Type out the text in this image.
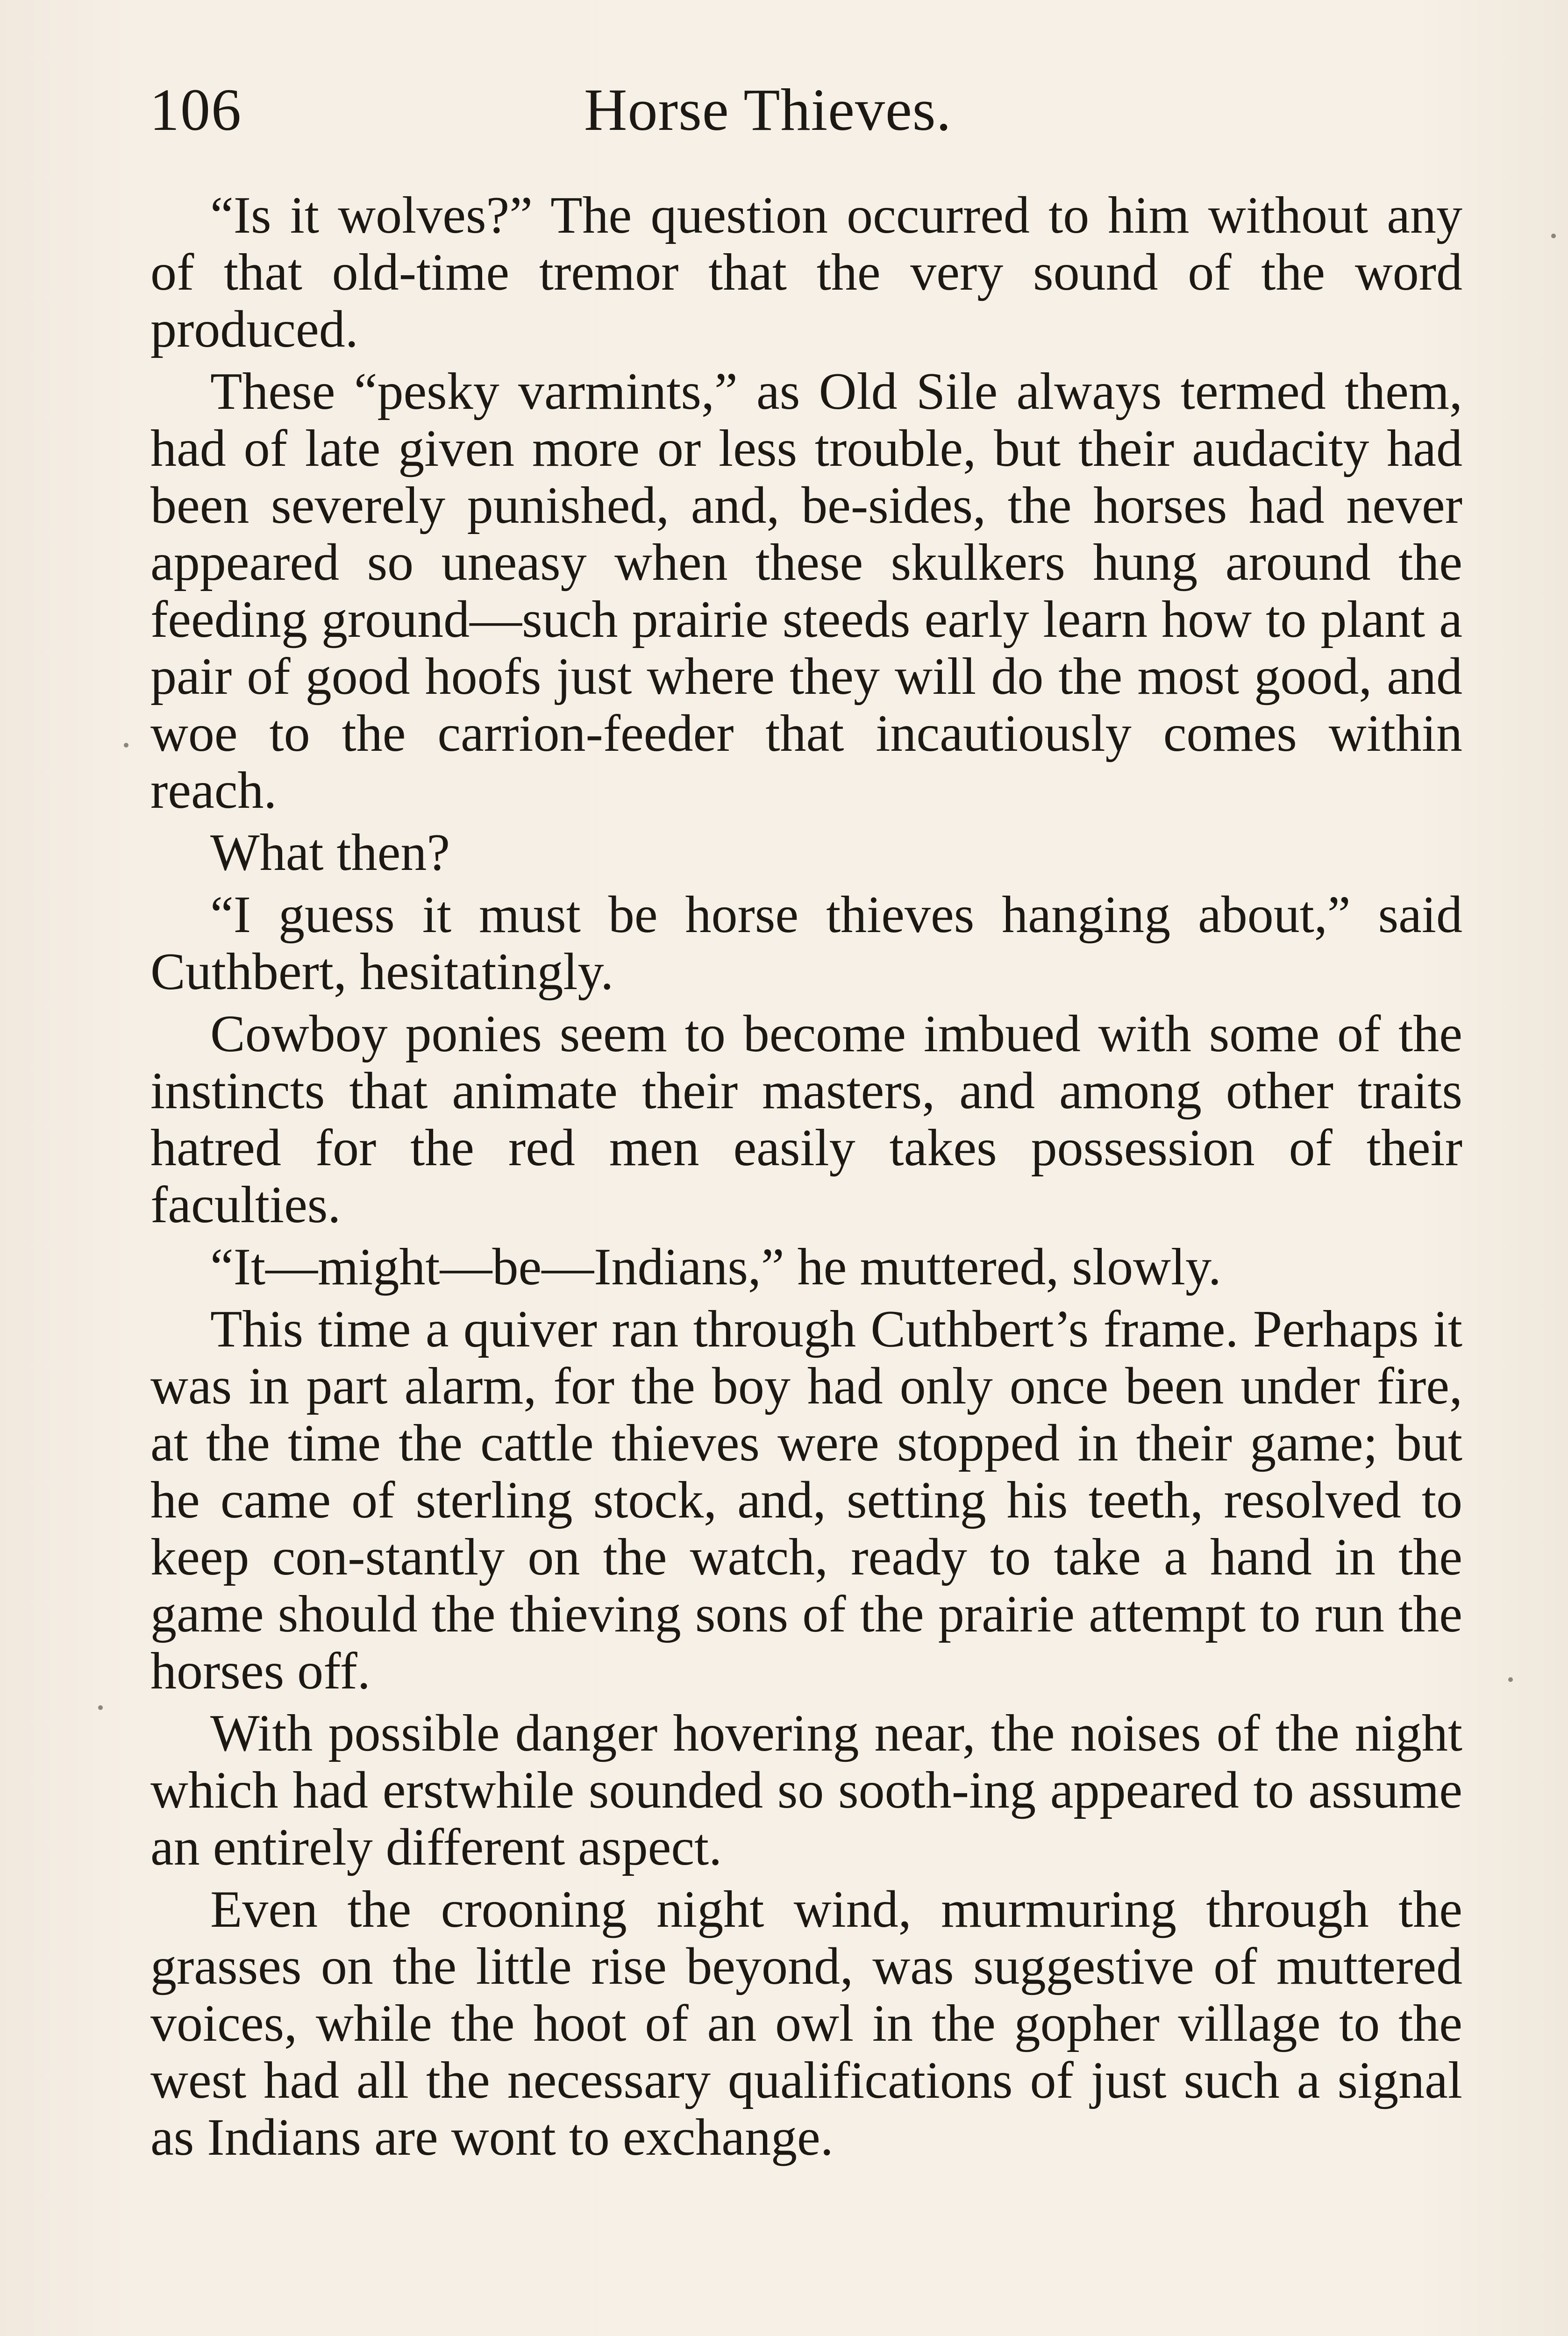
106	Horse Thieves.

“Is it wolves?” The question occurred to him without any of that old-time tremor that the very sound of the word produced.

These “pesky varmints,” as Old Sile always termed them, had of late given more or less trouble, but their audacity had been severely punished, and, be-sides, the horses had never appeared so uneasy when these skulkers hung around the feeding ground—such prairie steeds early learn how to plant a pair of good hoofs just where they will do the most good, and woe to the carrion-feeder that incautiously comes within reach.

What then?

“I guess it must be horse thieves hanging about,” said Cuthbert, hesitatingly.

Cowboy ponies seem to become imbued with some of the instincts that animate their masters, and among other traits hatred for the red men easily takes possession of their faculties.

“It—might—be—Indians,” he muttered, slowly.

This time a quiver ran through Cuthbert’s frame. Perhaps it was in part alarm, for the boy had only once been under fire, at the time the cattle thieves were stopped in their game; but he came of sterling stock, and, setting his teeth, resolved to keep con-stantly on the watch, ready to take a hand in the game should the thieving sons of the prairie attempt to run the horses off.

With possible danger hovering near, the noises of the night which had erstwhile sounded so sooth-ing appeared to assume an entirely different aspect.

Even the crooning night wind, murmuring through the grasses on the little rise beyond, was suggestive of muttered voices, while the hoot of an owl in the gopher village to the west had all the necessary qualifications of just such a signal as Indians are wont to exchange.
